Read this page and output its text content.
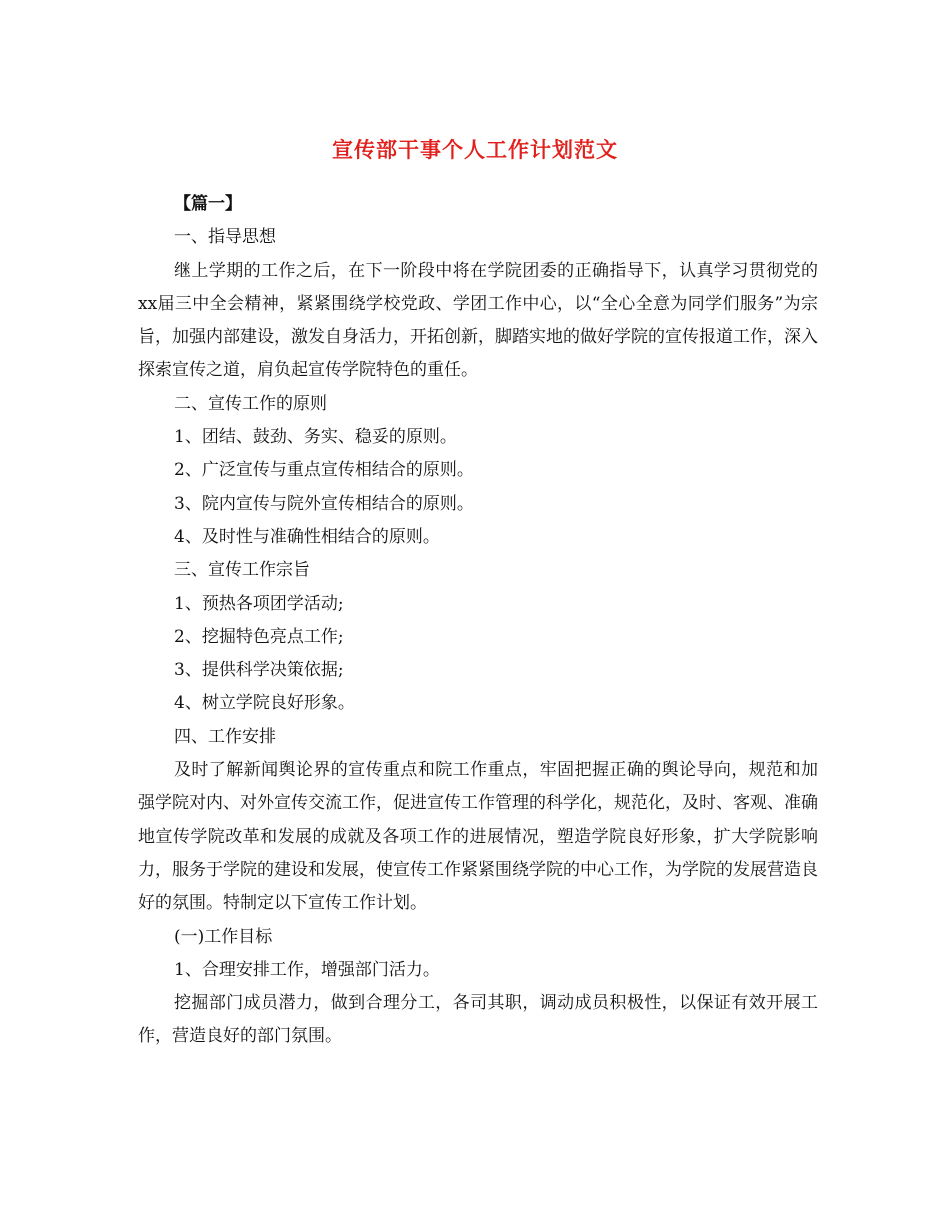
宣传部干事个人工作计划范文

【篇一】

一、指导思想

继上学期的工作之后，在下一阶段中将在学院团委的正确指导下，认真学习贯彻党的xx届三中全会精神，紧紧围绕学校党政、学团工作中心，以“全心全意为同学们服务”为宗旨，加强内部建设，激发自身活力，开拓创新，脚踏实地的做好学院的宣传报道工作，深入探索宣传之道，肩负起宣传学院特色的重任。

二、宣传工作的原则

1、团结、鼓劲、务实、稳妥的原则。

2、广泛宣传与重点宣传相结合的原则。

3、院内宣传与院外宣传相结合的原则。

4、及时性与准确性相结合的原则。

三、宣传工作宗旨

1、预热各项团学活动;

2、挖掘特色亮点工作;

3、提供科学决策依据;

4、树立学院良好形象。

四、工作安排

及时了解新闻舆论界的宣传重点和院工作重点，牢固把握正确的舆论导向，规范和加强学院对内、对外宣传交流工作，促进宣传工作管理的科学化，规范化，及时、客观、准确地宣传学院改革和发展的成就及各项工作的进展情况，塑造学院良好形象，扩大学院影响力，服务于学院的建设和发展，使宣传工作紧紧围绕学院的中心工作，为学院的发展营造良好的氛围。特制定以下宣传工作计划。

(一)工作目标

1、合理安排工作，增强部门活力。

挖掘部门成员潜力，做到合理分工，各司其职，调动成员积极性，以保证有效开展工作，营造良好的部门氛围。
